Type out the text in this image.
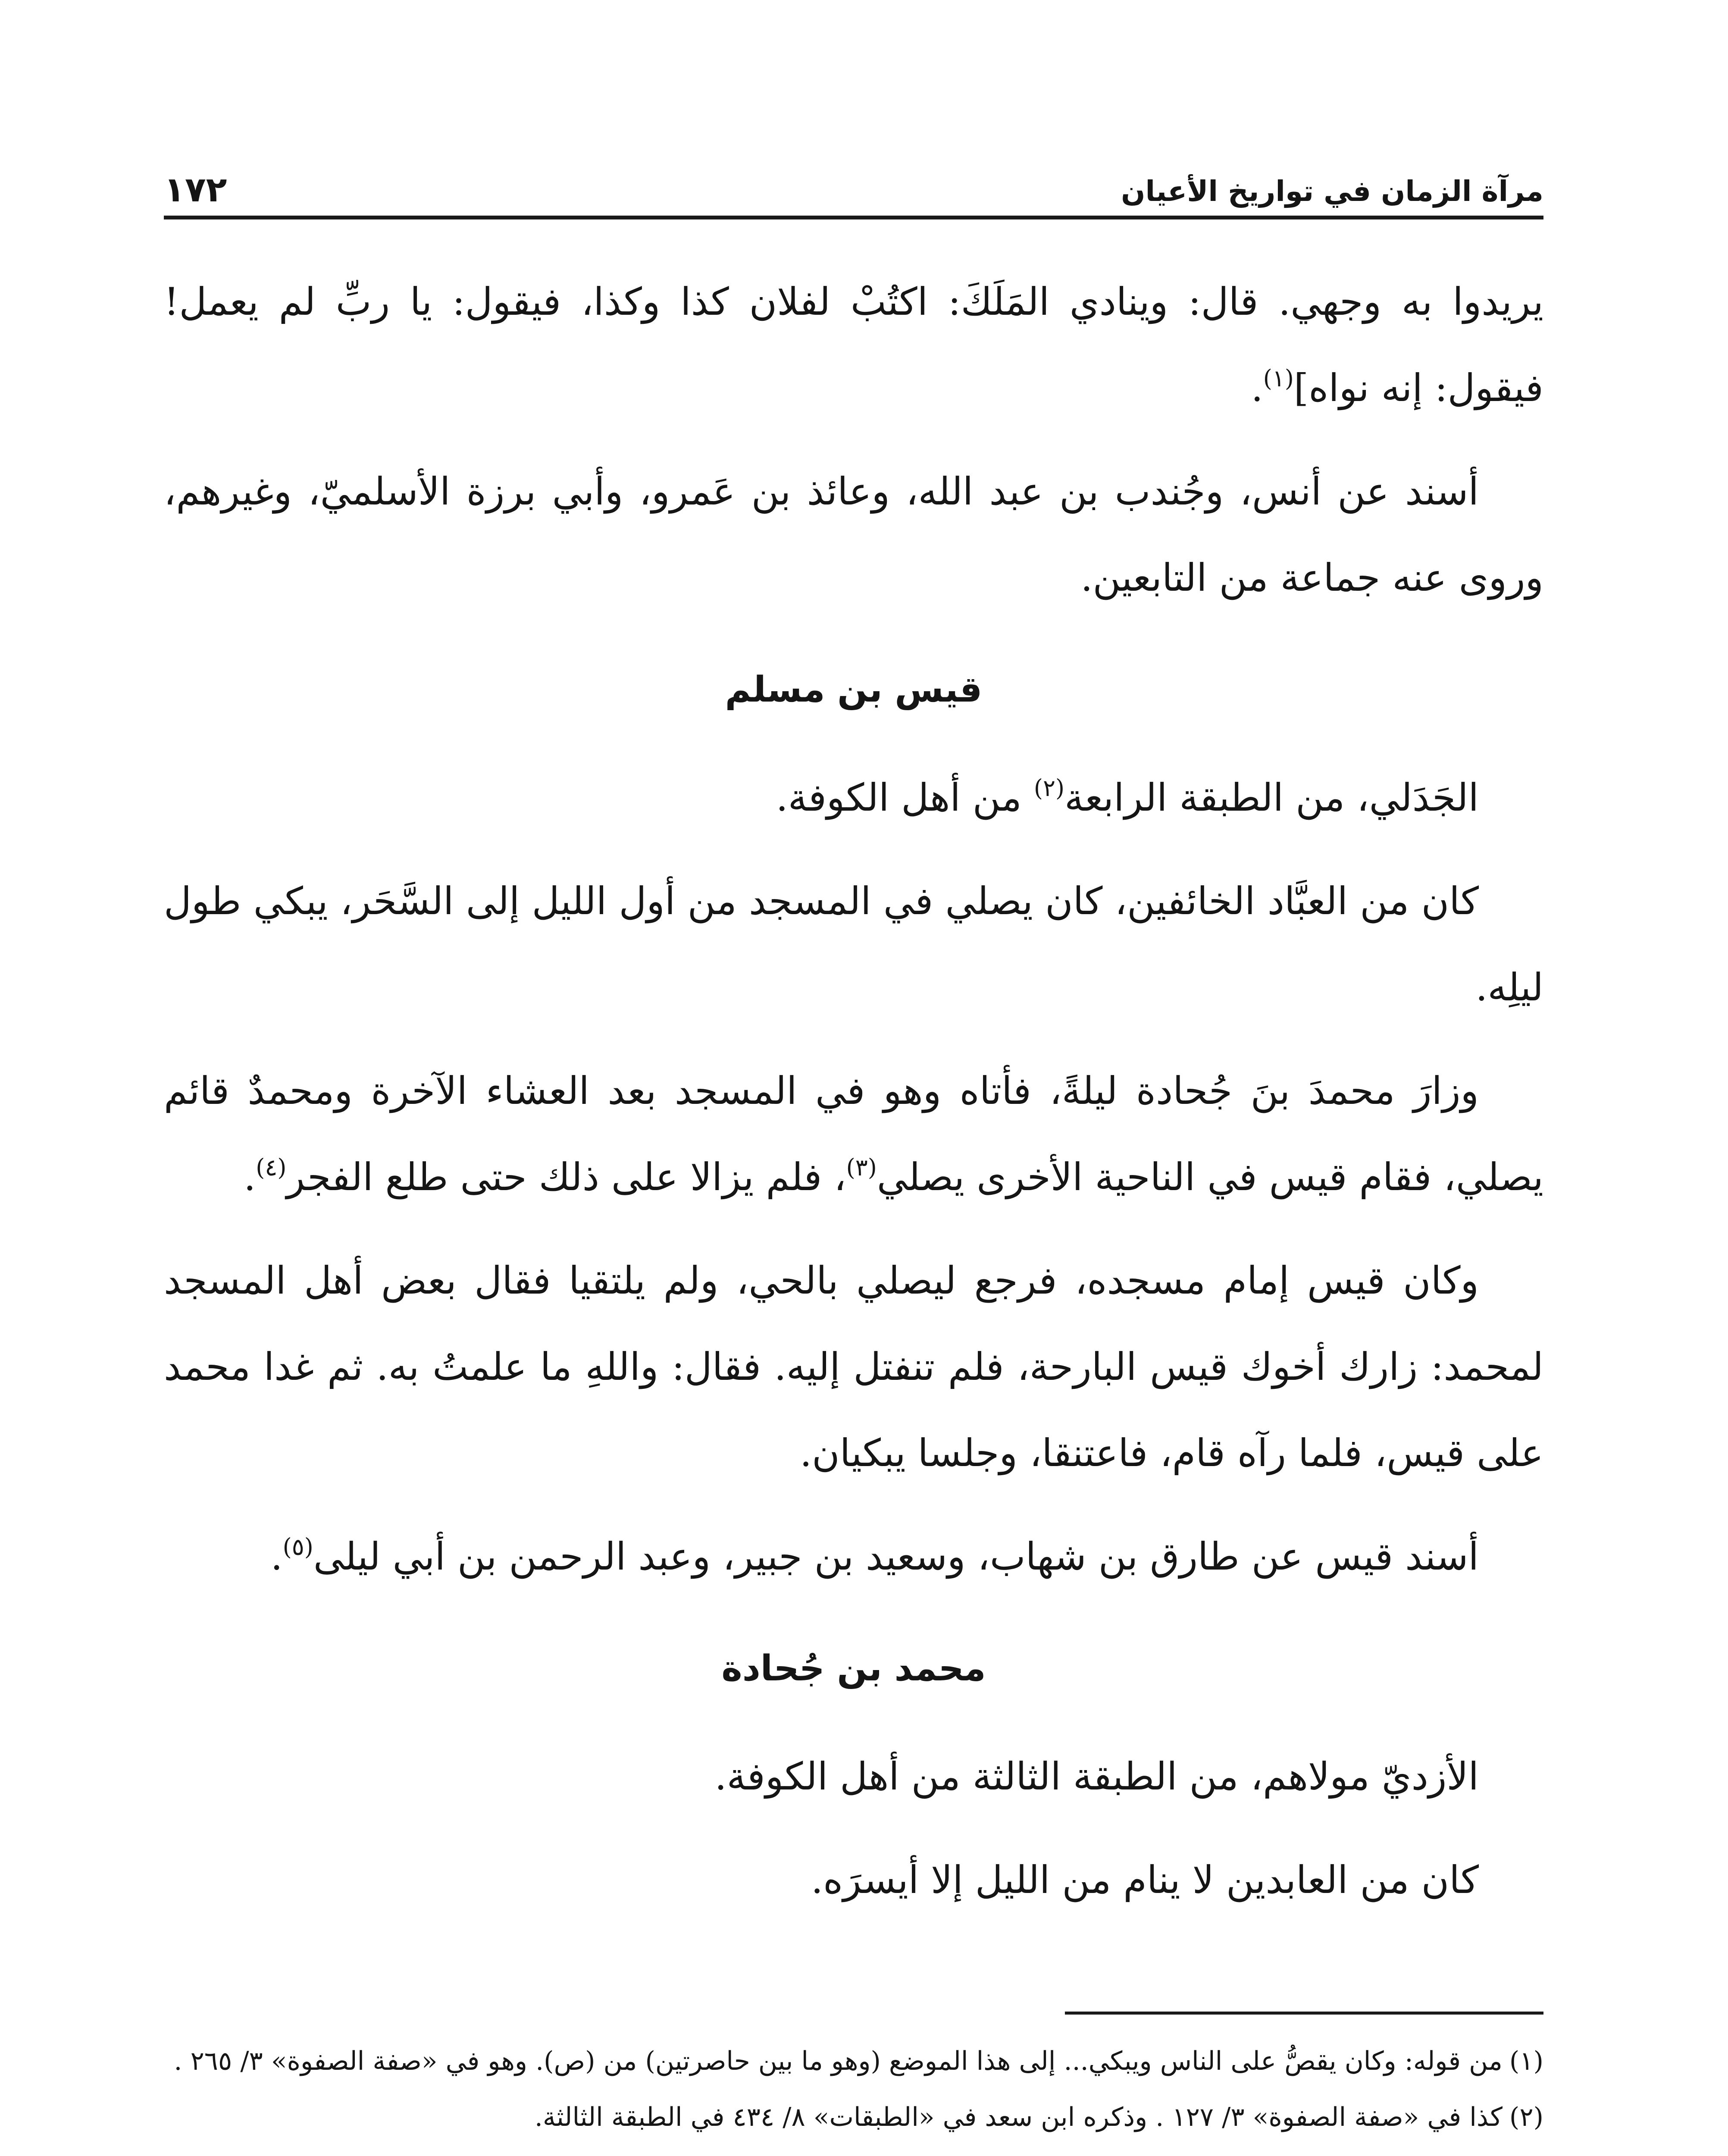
مرآة الزمان في تواريخ الأعيان
١٧٢

يريدوا به وجهي. قال: وينادي المَلَكَ: اكتُبْ لفلان كذا وكذا، فيقول: يا ربِّ لم يعمل! فيقول: إنه نواه]$^{(١)}$.

أسند عن أنس، وجُندب بن عبد الله، وعائذ بن عَمرو، وأبي برزة الأسلميّ، وغيرهم، وروى عنه جماعة من التابعين.

قيس بن مسلم

الجَدَلي، من الطبقة الرابعة$^{(٢)}$ من أهل الكوفة.

كان من العبَّاد الخائفين، كان يصلي في المسجد من أول الليل إلى السَّحَر، يبكي طول ليلِه.

وزارَ محمدَ بنَ جُحادة ليلةً، فأتاه وهو في المسجد بعد العشاء الآخرة ومحمدٌ قائم يصلي، فقام قيس في الناحية الأخرى يصلي$^{(٣)}$، فلم يزالا على ذلك حتى طلع الفجر$^{(٤)}$.

وكان قيس إمام مسجده، فرجع ليصلي بالحي، ولم يلتقيا فقال بعض أهل المسجد لمحمد: زارك أخوك قيس البارحة، فلم تنفتل إليه. فقال: واللهِ ما علمتُ به. ثم غدا محمد على قيس، فلما رآه قام، فاعتنقا، وجلسا يبكيان.

أسند قيس عن طارق بن شهاب، وسعيد بن جبير، وعبد الرحمن بن أبي ليلى$^{(٥)}$.

محمد بن جُحادة

الأزديّ مولاهم، من الطبقة الثالثة من أهل الكوفة.

كان من العابدين لا ينام من الليل إلا أيسرَه.

(١)من قوله: وكان يقصُّ على الناس ويبكي... إلى هذا الموضع (وهو ما بين حاصرتين) من (ص). وهو في «صفة الصفوة» ٣/ ٢٦٥ .

(٢)كذا في «صفة الصفوة» ٣/ ١٢٧ . وذكره ابن سعد في «الطبقات» ٨/ ٤٣٤ في الطبقة الثالثة.
